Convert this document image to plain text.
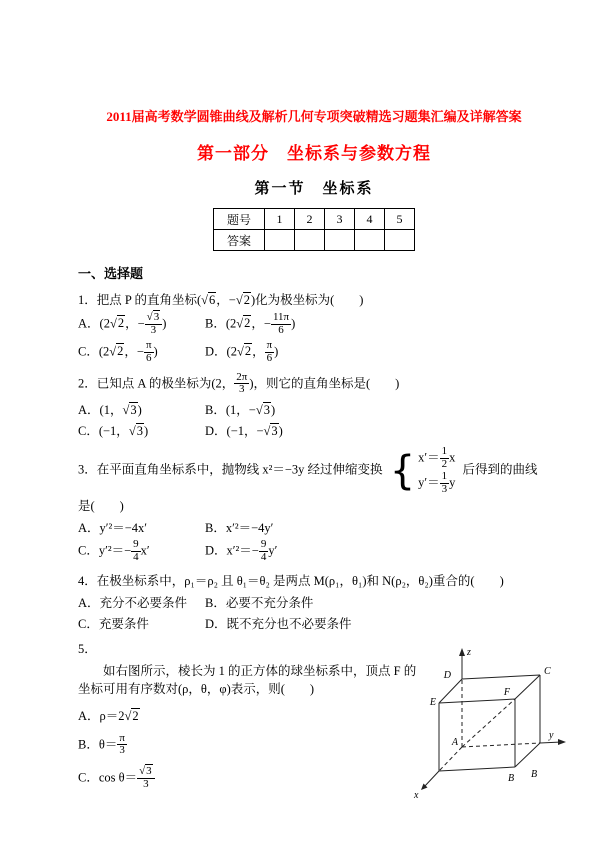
2011届高考数学圆锥曲线及解析几何专项突破精选习题集汇编及详解答案
第一部分　坐标系与参数方程
第一节　坐标系
题号	1	2	3	4	5
答案					
一、选择题

1．把点 P 的直角坐标(√6，−√2)化为极坐标为(　　)

A．(2√2，− $\frac{√3}{3}$ )	B．(2√2，− $\frac{11\pi}{6}$ )
C．(2√2，− $\frac{\pi}{6}$ )	D．(2√2， $\frac{\pi}{6}$ )

2．已知点 A 的极坐标为(2， $\frac{2\pi}{3}$ )，则它的直角坐标是(　　)

A．(1，√3)	B．(1，−√3)
C．(−1，√3)	D．(−1，−√3)

3．在平面直角坐标系中，抛物线 x²＝−3y 经过伸缩变换 { $x'= \frac{1}{2}$ x
$y'= \frac{1}{3}$ y
后得到的曲线是(　　)

A．y′²＝−4x′	B．x′²＝−4y′
C．$y'^2=- \frac{9}{4} x'$	D．$x'^2=- \frac{9}{4} y'$

4．在极坐标系中，ρ₁＝ρ₂ 且 θ₁＝θ₂ 是两点 M(ρ₁，θ₁)和 N(ρ₂，θ₂)重合的(　　)

A．充分不必要条件	B．必要不充分条件
C．充要条件	D．既不充分也不必要条件

5．

如右图所示，棱长为 1 的正方体的球坐标系中，顶点 F 的坐标可用有序数对(ρ，θ，φ)表示，则(　　)

A．ρ＝2√2
B．$\theta= \frac{\pi}{3}$
C．$\cos \theta= \frac{√3}{3}$
z
y
x
D	C
E
F
A
B B
